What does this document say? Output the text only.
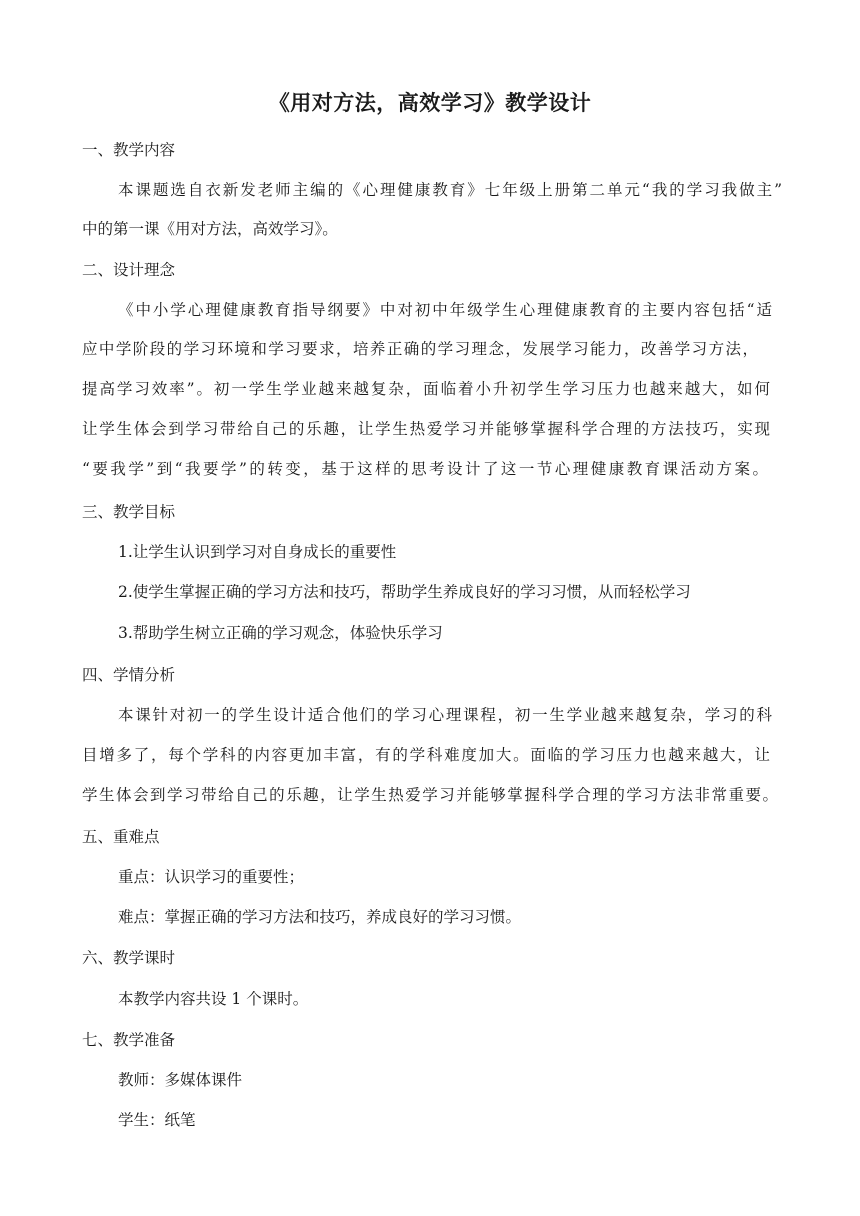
《用对方法，高效学习》教学设计
一、教学内容
本课题选自衣新发老师主编的《心理健康教育》七年级上册第二单元“我的学习我做主”
中的第一课《用对方法，高效学习》。
二、设计理念
《中小学心理健康教育指导纲要》中对初中年级学生心理健康教育的主要内容包括“适
应中学阶段的学习环境和学习要求，培养正确的学习理念，发展学习能力，改善学习方法，
提高学习效率”。初一学生学业越来越复杂，面临着小升初学生学习压力也越来越大，如何
让学生体会到学习带给自己的乐趣，让学生热爱学习并能够掌握科学合理的方法技巧，实现
“要我学”到“我要学”的转变，基于这样的思考设计了这一节心理健康教育课活动方案。
三、教学目标
1.让学生认识到学习对自身成长的重要性
2.使学生掌握正确的学习方法和技巧，帮助学生养成良好的学习习惯，从而轻松学习
3.帮助学生树立正确的学习观念，体验快乐学习
四、学情分析
本课针对初一的学生设计适合他们的学习心理课程，初一生学业越来越复杂，学习的科
目增多了，每个学科的内容更加丰富，有的学科难度加大。面临的学习压力也越来越大，让
学生体会到学习带给自己的乐趣，让学生热爱学习并能够掌握科学合理的学习方法非常重要。
五、重难点
重点：认识学习的重要性；
难点：掌握正确的学习方法和技巧，养成良好的学习习惯。
六、教学课时
本教学内容共设 1 个课时。
七、教学准备
教师：多媒体课件
学生：纸笔
